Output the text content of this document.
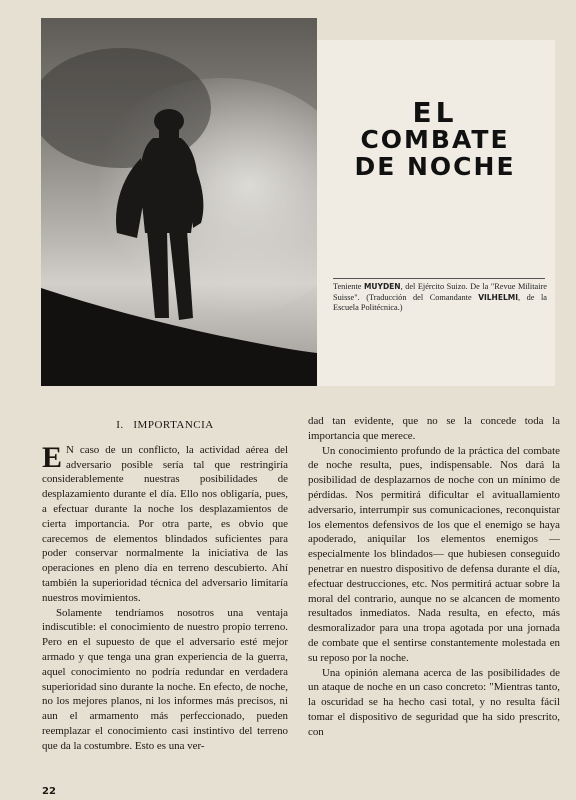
EL
COMBATE
DE NOCHE
Teniente MUYDEN, del Ejército Suizo. De la "Revue Militaire Suisse". (Traducción del Comandante VILHELMI, de la Escuela Politécnica.)

I.   IMPORTANCIA

E N caso de un conflicto, la actividad aérea del adversario posible sería tal que restringiría considerablemente nuestras posibilidades de desplazamiento durante el día. Ello nos obligaría, pues, a efectuar durante la noche los desplazamientos de cierta importancia. Por otra parte, es obvio que carecemos de elementos blindados suficientes para poder conservar normalmente la iniciativa de las operaciones en pleno día en terreno descubierto. Ahí también la superioridad técnica del adversario limitaría nuestros movimientos.

Solamente tendríamos nosotros una ventaja indiscutible: el conocimiento de nuestro propio terreno. Pero en el supuesto de que el adversario esté mejor armado y que tenga una gran experiencia de la guerra, aquel conocimiento no podría redundar en verdadera superioridad sino durante la noche. En efecto, de noche, no los mejores planos, ni los informes más precisos, ni aun el armamento más perfeccionado, pueden reemplazar el conocimiento casi instintivo del terreno que da la costumbre. Esto es una ver-

dad tan evidente, que no se la concede toda la importancia que merece.

Un conocimiento profundo de la práctica del combate de noche resulta, pues, indispensable. Nos dará la posibilidad de desplazarnos de noche con un mínimo de pérdidas. Nos permitirá dificultar el avituallamiento adversario, interrumpir sus comunicaciones, reconquistar los elementos defensivos de los que el enemigo se haya apoderado, aniquilar los elementos enemigos —especialmente los blindados— que hubiesen conseguido penetrar en nuestro dispositivo de defensa durante el día, efectuar destrucciones, etc. Nos permitirá actuar sobre la moral del contrario, aunque no se alcancen de momento resultados inmediatos. Nada resulta, en efecto, más desmoralizador para una tropa agotada por una jornada de combate que el sentirse constantemente molestada en su reposo por la noche.

Una opinión alemana acerca de las posibilidades de un ataque de noche en un caso concreto: "Mientras tanto, la oscuridad se ha hecho casi total, y no resulta fácil tomar el dispositivo de seguridad que ha sido prescrito, con

22
